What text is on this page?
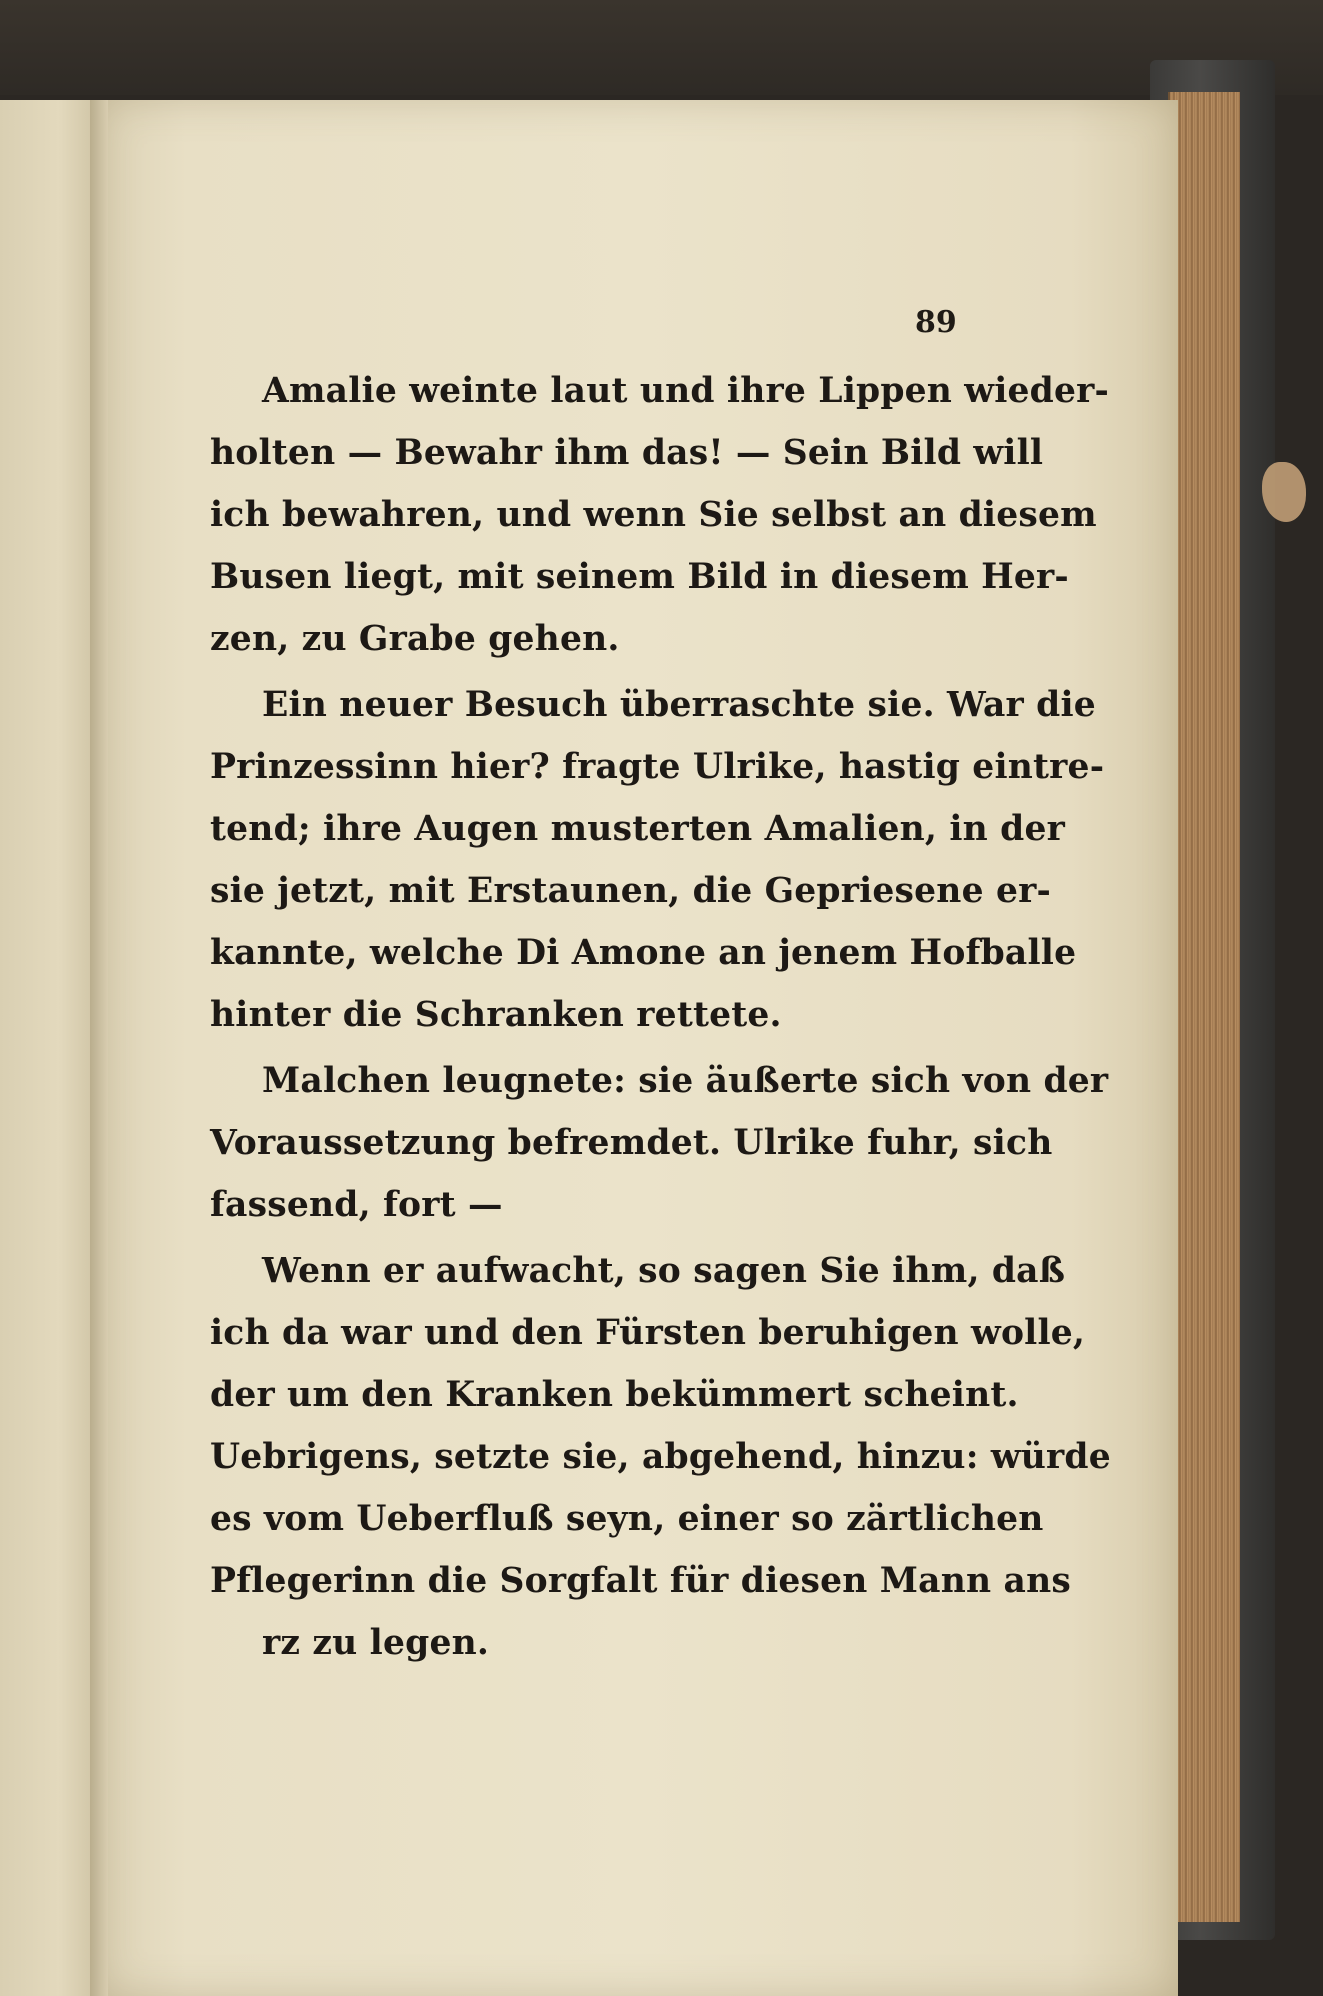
89
Amalie weinte laut und ihre Lippen wieder-
holten — Bewahr ihm das! — Sein Bild will
ich bewahren, und wenn Sie selbst an diesem
Busen liegt, mit seinem Bild in diesem Her-
zen, zu Grabe gehen.
Ein neuer Besuch überraschte sie. War die
Prinzessinn hier? fragte Ulrike, hastig eintre-
tend; ihre Augen musterten Amalien, in der
sie jetzt, mit Erstaunen, die Gepriesene er-
kannte, welche Di Amone an jenem Hofballe
hinter die Schranken rettete.
Malchen leugnete: sie äußerte sich von der
Voraussetzung befremdet. Ulrike fuhr, sich
fassend, fort —
Wenn er aufwacht, so sagen Sie ihm, daß
ich da war und den Fürsten beruhigen wolle,
der um den Kranken bekümmert scheint.
Uebrigens, setzte sie, abgehend, hinzu: würde
es vom Ueberfluß seyn, einer so zärtlichen
Pflegerinn die Sorgfalt für diesen Mann ans
rz zu legen.
